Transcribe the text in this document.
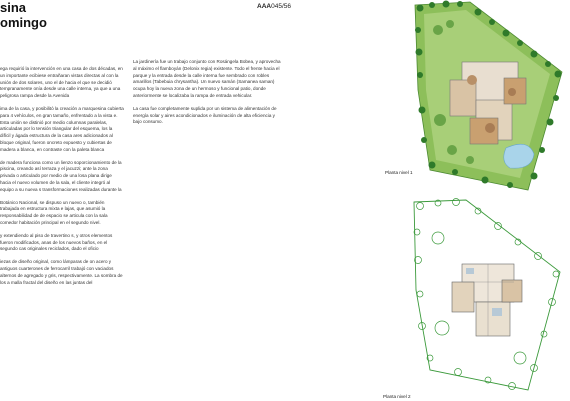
sina
omingo
AAA045/56

ega requirió la intervención en una casa de dos décadas, en un importante ecibiese entrañaran vistas directas al con la unión de dos solares, uno el de hacia el que se decidió tempranamente onía desde una calle interna, ya que a una peligrosa rampa desde la Avenida

ima de la casa, y posibilitó la creación a marquesina cubierta para 4 vehículos, en gran tamaño, enfrentado a la vista e. Esta unión se distinió por medio columnas paralelas, articuladas por lo tensión triangular del esquema, los la difícil y ágada estructura de la casa ares adicionados al bloque original, fueron oncreto expuesto y cubiertas de madera a blanca, en contraste con la paleta blanca

de madera funciona como un lienzo soporcionamiento de la piscina, creando así terraza y el jacuzzi; ante la zona privada o articulado por medio de una losa plana dirige hacia el nuevo volumen de la sala, el cliente integró al equipo a su nueva s transformaciones realizadas durante la

Botánico Nacional, se dispuso un nuevo o, también trabajada en estructura mixta e lajas, que asumió la responsabilidad de de espacio se articula con la sala comedor habitación principal en el segundo nivel.

y extendiendo al piso de travertino s, y otros elementos fueron modificados, anas de los nuevos baños, en el segundo cas originales reciclados, dado el oficio

iezas de diseño original, como lámparas de on acero y antiguos cuarterones de ferrocarril trabajó con vaciados alternos de agregado y gris, respectivamente. La sombra de los a malla fractal del diseño en las juntas del

La jardinería fue un trabajo conjunto con Rosángela Bobea, y aprovecha al máximo el flamboyán (Delonix regia) existente. Todo el frente hacia el parque y la entrada desde la calle interna fue sembrado con robles amarillos (Tabebuia chrysantha). Un nuevo samán (Samanea saman) ocupa hoy la nueva zona de un hermoso y funcional patio, donde anteriormente se localizaba la rampa de entrada vehicular.

La casa fue completamente suplida por un sistema de alimentación de energía solar y aires acondicionados e iluminación de alta eficiencia y bajo consumo.

Planta nivel 1
Planta nivel 2
